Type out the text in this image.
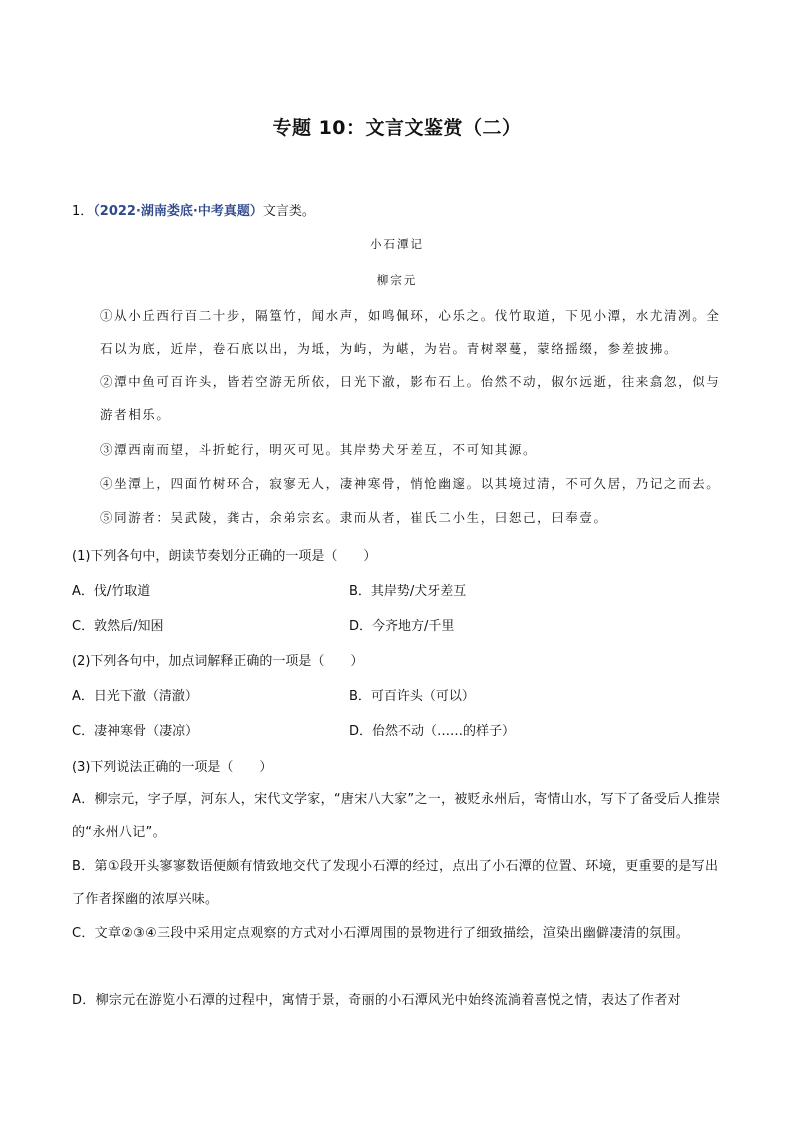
专题 10：文言文鉴赏（二）
1．（2022·湖南娄底·中考真题）文言类。
小石潭记
柳宗元
①从小丘西行百二十步，隔篁竹，闻水声，如鸣佩环，心乐之。伐竹取道，下见小潭，水尤清冽。全石以为底，近岸，卷石底以出，为坻，为屿，为嵁，为岩。青树翠蔓，蒙络摇缀，参差披拂。
②潭中鱼可百许头，皆若空游无所依，日光下澈，影布石上。佁然不动，俶尔远逝，往来翕忽，似与游者相乐。
③潭西南而望，斗折蛇行，明灭可见。其岸势犬牙差互，不可知其源。
④坐潭上，四面竹树环合，寂寥无人，凄神寒骨，悄怆幽邃。以其境过清，不可久居，乃记之而去。
⑤同游者：吴武陵，龚古，余弟宗玄。隶而从者，崔氏二小生，曰恕己，曰奉壹。
(1)下列各句中，朗读节奏划分正确的一项是（　　）
A．伐/竹取道	B．其岸势/犬牙差互
C．敦然后/知困	D．今齐地方/千里
(2)下列各句中，加点词解释正确的一项是（　　）
A．日光下澈（清澈）	B．可百许头（可以）
C．凄神寒骨（凄凉）	D．佁然不动（……的样子）
(3)下列说法正确的一项是（　　）
A．柳宗元，字子厚，河东人，宋代文学家，“唐宋八大家”之一，被贬永州后，寄情山水，写下了备受后人推崇的“永州八记”。
B．第①段开头寥寥数语便颇有情致地交代了发现小石潭的经过，点出了小石潭的位置、环境，更重要的是写出了作者探幽的浓厚兴味。
C．文章②③④三段中采用定点观察的方式对小石潭周围的景物进行了细致描绘，渲染出幽僻凄清的氛围。
D．柳宗元在游览小石潭的过程中，寓情于景，奇丽的小石潭风光中始终流淌着喜悦之情，表达了作者对
